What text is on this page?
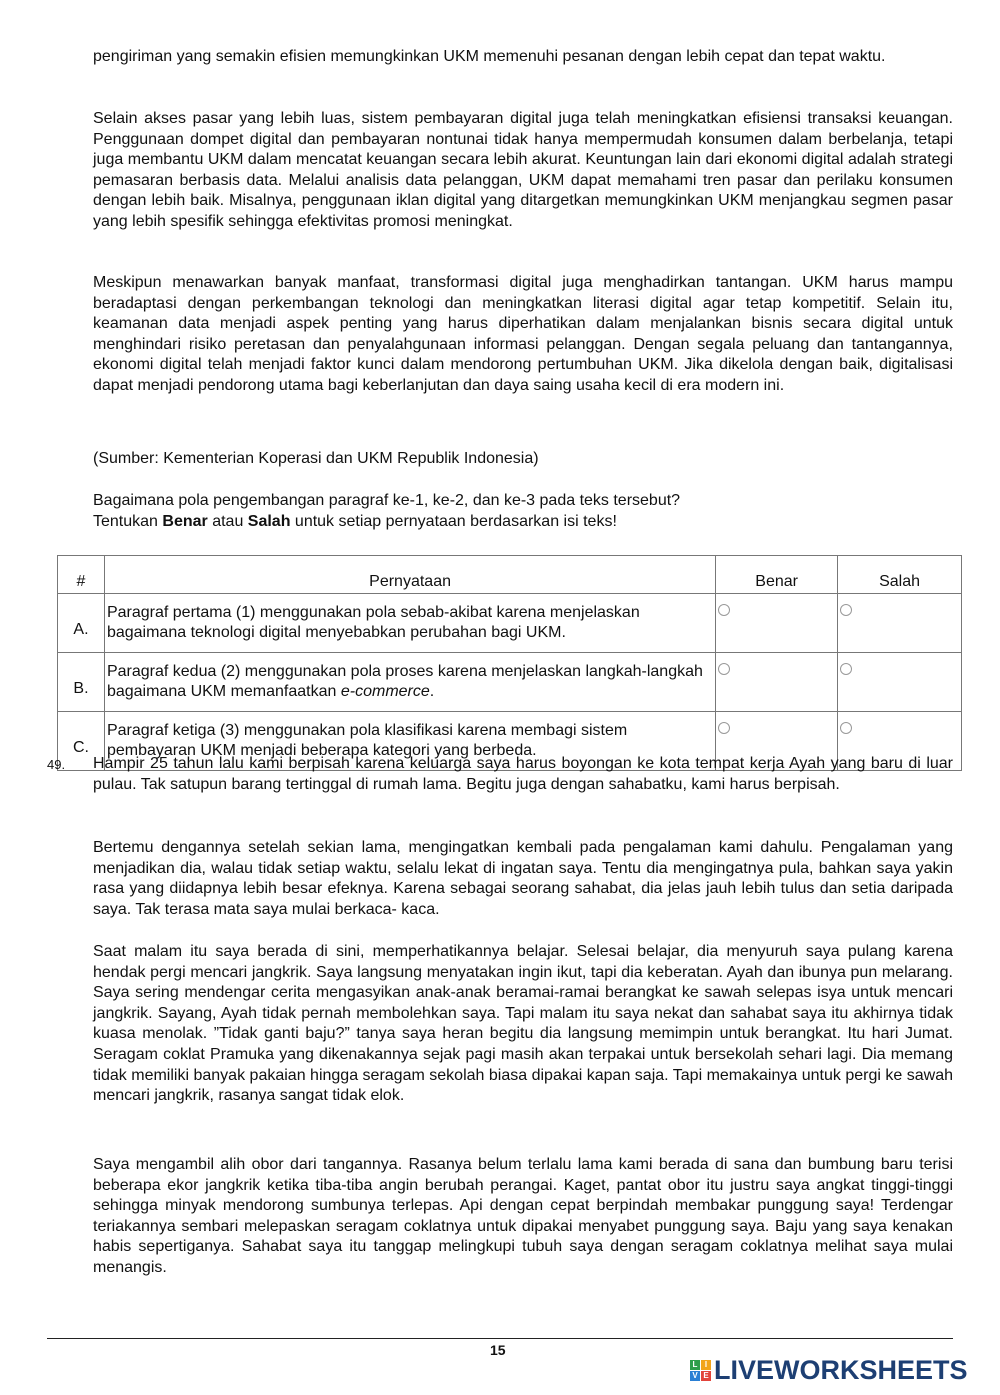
pengiriman yang semakin efisien memungkinkan UKM memenuhi pesanan dengan lebih cepat dan tepat waktu.

Selain akses pasar yang lebih luas, sistem pembayaran digital juga telah meningkatkan efisiensi transaksi keuangan. Penggunaan dompet digital dan pembayaran nontunai tidak hanya mempermudah konsumen dalam berbelanja, tetapi juga membantu UKM dalam mencatat keuangan secara lebih akurat. Keuntungan lain dari ekonomi digital adalah strategi pemasaran berbasis data. Melalui analisis data pelanggan, UKM dapat memahami tren pasar dan perilaku konsumen dengan lebih baik. Misalnya, penggunaan iklan digital yang ditargetkan memungkinkan UKM menjangkau segmen pasar yang lebih spesifik sehingga efektivitas promosi meningkat.

Meskipun menawarkan banyak manfaat, transformasi digital juga menghadirkan tantangan. UKM harus mampu beradaptasi dengan perkembangan teknologi dan meningkatkan literasi digital agar tetap kompetitif. Selain itu, keamanan data menjadi aspek penting yang harus diperhatikan dalam menjalankan bisnis secara digital untuk menghindari risiko peretasan dan penyalahgunaan informasi pelanggan. Dengan segala peluang dan tantangannya, ekonomi digital telah menjadi faktor kunci dalam mendorong pertumbuhan UKM. Jika dikelola dengan baik, digitalisasi dapat menjadi pendorong utama bagi keberlanjutan dan daya saing usaha kecil di era modern ini.

(Sumber: Kementerian Koperasi dan UKM Republik Indonesia)

Bagaimana pola pengembangan paragraf ke-1, ke-2, dan ke-3 pada teks tersebut?
Tentukan Benar atau Salah untuk setiap pernyataan berdasarkan isi teks!

#	Pernyataan	Benar	Salah
A.	Paragraf pertama (1) menggunakan pola sebab-akibat karena menjelaskan bagaimana teknologi digital menyebabkan perubahan bagi UKM.		
B.	Paragraf kedua (2) menggunakan pola proses karena menjelaskan langkah-langkah bagaimana UKM memanfaatkan e-commerce.		
C.	Paragraf ketiga (3) menggunakan pola klasifikasi karena membagi sistem pembayaran UKM menjadi beberapa kategori yang berbeda.		
49. Hampir 25 tahun lalu kami berpisah karena keluarga saya harus boyongan ke kota tempat kerja Ayah yang baru di luar pulau. Tak satupun barang tertinggal di rumah lama. Begitu juga dengan sahabatku, kami harus berpisah.

Bertemu dengannya setelah sekian lama, mengingatkan kembali pada pengalaman kami dahulu. Pengalaman yang menjadikan dia, walau tidak setiap waktu, selalu lekat di ingatan saya. Tentu dia mengingatnya pula, bahkan saya yakin rasa yang diidapnya lebih besar efeknya. Karena sebagai seorang sahabat, dia jelas jauh lebih tulus dan setia daripada saya. Tak terasa mata saya mulai berkaca- kaca.

Saat malam itu saya berada di sini, memperhatikannya belajar. Selesai belajar, dia menyuruh saya pulang karena hendak pergi mencari jangkrik. Saya langsung menyatakan ingin ikut, tapi dia keberatan. Ayah dan ibunya pun melarang. Saya sering mendengar cerita mengasyikan anak-anak beramai-ramai berangkat ke sawah selepas isya untuk mencari jangkrik. Sayang, Ayah tidak pernah membolehkan saya. Tapi malam itu saya nekat dan sahabat saya itu akhirnya tidak kuasa menolak. ”Tidak ganti baju?” tanya saya heran begitu dia langsung memimpin untuk berangkat. Itu hari Jumat. Seragam coklat Pramuka yang dikenakannya sejak pagi masih akan terpakai untuk bersekolah sehari lagi. Dia memang tidak memiliki banyak pakaian hingga seragam sekolah biasa dipakai kapan saja. Tapi memakainya untuk pergi ke sawah mencari jangkrik, rasanya sangat tidak elok.

Saya mengambil alih obor dari tangannya. Rasanya belum terlalu lama kami berada di sana dan bumbung baru terisi beberapa ekor jangkrik ketika tiba-tiba angin berubah perangai. Kaget, pantat obor itu justru saya angkat tinggi-tinggi sehingga minyak mendorong sumbunya terlepas. Api dengan cepat berpindah membakar punggung saya! Terdengar teriakannya sembari melepaskan seragam coklatnya untuk dipakai menyabet punggung saya. Baju yang saya kenakan habis sepertiganya. Sahabat saya itu tanggap melingkupi tubuh saya dengan seragam coklatnya melihat saya mulai menangis.

15
L I
V E LIVEWORKSHEETS
